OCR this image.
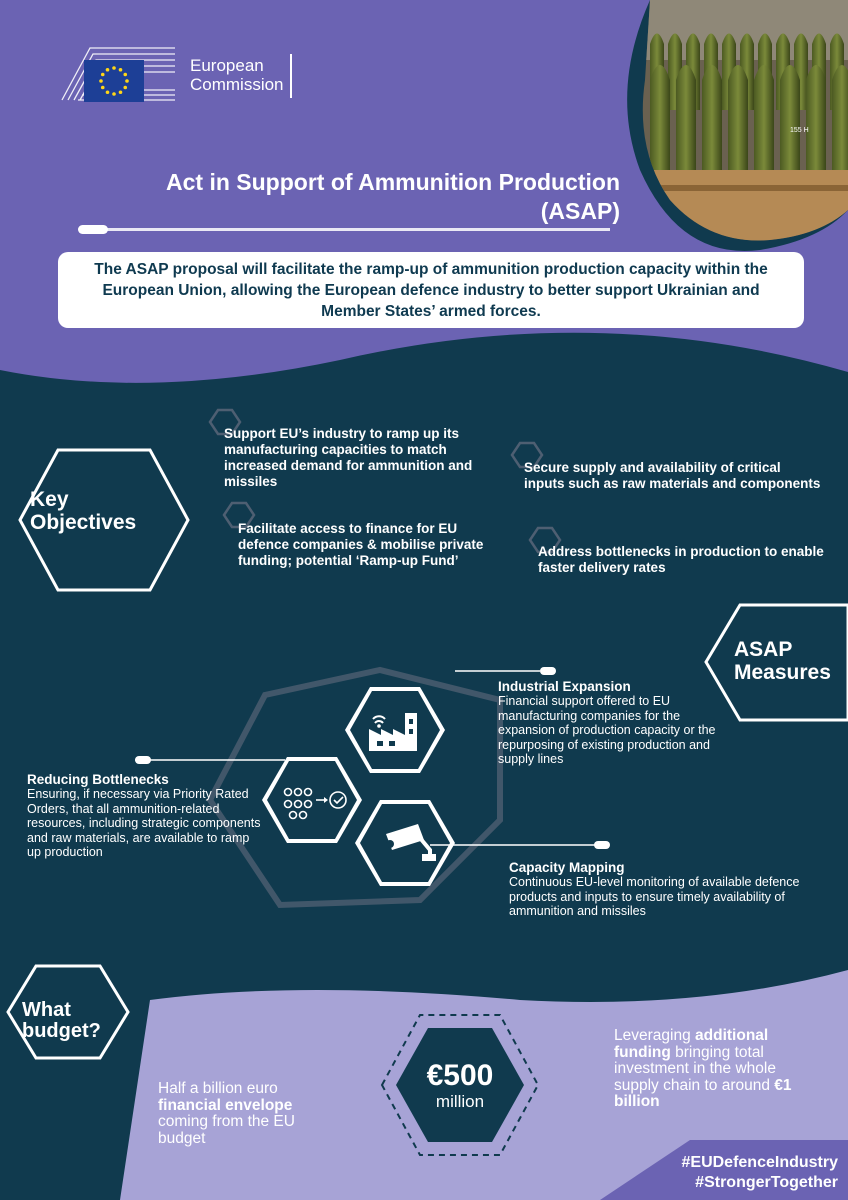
155 H
European
Commission
Act in Support of Ammunition Production
(ASAP)
The ASAP proposal will facilitate the ramp-up of ammunition production capacity within the European Union, allowing the European defence industry to better support Ukrainian and Member States’ armed forces.
Key
Objectives
Support EU’s industry to ramp up its manufacturing capacities to match increased demand for ammunition and missiles
Facilitate access to finance for EU defence companies & mobilise private funding; potential ‘Ramp-up Fund’
Secure supply and availability of critical inputs such as raw materials and components
Address bottlenecks in production to enable faster delivery rates
ASAP
Measures
Industrial Expansion
Financial support offered to EU manufacturing companies for the expansion of production capacity or the repurposing of existing production and supply lines
Reducing Bottlenecks
Ensuring, if necessary via Priority Rated Orders, that all ammunition-related resources, including strategic components and raw materials, are available to ramp up production
Capacity Mapping
Continuous EU-level monitoring of available defence products and inputs to ensure timely availability of ammunition and missiles
What
budget?
€500
million
Half a billion euro financial envelope coming from the EU budget
Leveraging additional funding bringing total investment in the whole supply chain to around €1 billion
#EUDefenceIndustry
#StrongerTogether
